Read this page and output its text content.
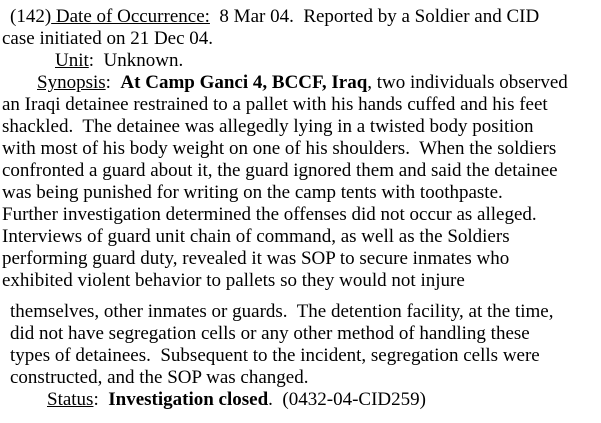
(142) Date of Occurrence:  8 Mar 04.  Reported by a Soldier and CID
case initiated on 21 Dec 04.
Unit:  Unknown.
Synopsis:  At Camp Ganci 4, BCCF, Iraq, two individuals observed
an Iraqi detainee restrained to a pallet with his hands cuffed and his feet
shackled.  The detainee was allegedly lying in a twisted body position
with most of his body weight on one of his shoulders.  When the soldiers
confronted a guard about it, the guard ignored them and said the detainee
was being punished for writing on the camp tents with toothpaste.
Further investigation determined the offenses did not occur as alleged.
Interviews of guard unit chain of command, as well as the Soldiers
performing guard duty, revealed it was SOP to secure inmates who
exhibited violent behavior to pallets so they would not injure
themselves, other inmates or guards.  The detention facility, at the time,
did not have segregation cells or any other method of handling these
types of detainees.  Subsequent to the incident, segregation cells were
constructed, and the SOP was changed.
Status:  Investigation closed.  (0432-04-CID259)
